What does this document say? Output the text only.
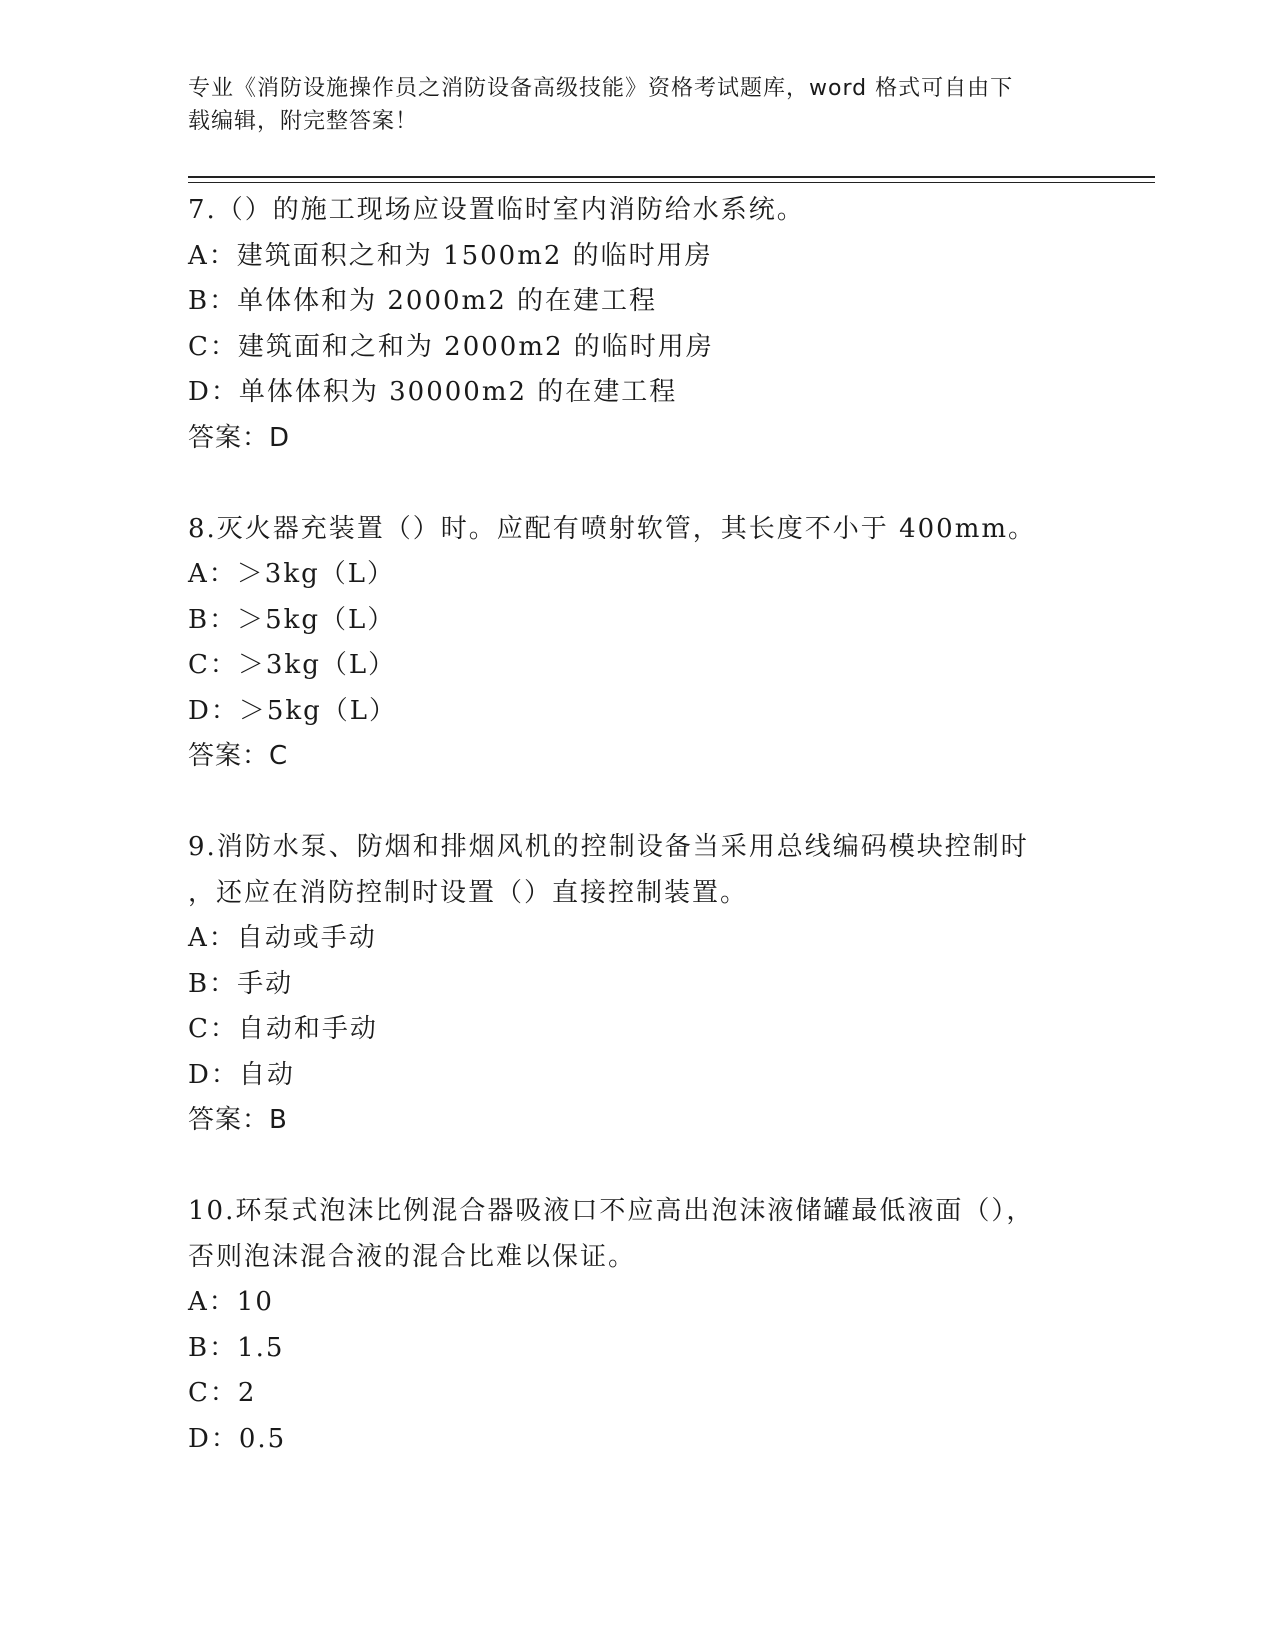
专业《消防设施操作员之消防设备高级技能》资格考试题库，word 格式可自由下
载编辑，附完整答案！
7.（）的施工现场应设置临时室内消防给水系统。
A：建筑面积之和为 1500m2 的临时用房
B：单体体和为 2000m2 的在建工程
C：建筑面和之和为 2000m2 的临时用房
D：单体体积为 30000m2 的在建工程
答案：D
8.灭火器充装置（）时。应配有喷射软管，其长度不小于 400mm。
A：＞3kg（L）
B：＞5kg（L）
C：＞3kg（L）
D：＞5kg（L）
答案：C
9.消防水泵、防烟和排烟风机的控制设备当采用总线编码模块控制时
，还应在消防控制时设置（）直接控制装置。
A：自动或手动
B：手动
C：自动和手动
D：自动
答案：B
10.环泵式泡沫比例混合器吸液口不应高出泡沫液储罐最低液面（），
否则泡沫混合液的混合比难以保证。
A：10
B：1.5
C：2
D：0.5
